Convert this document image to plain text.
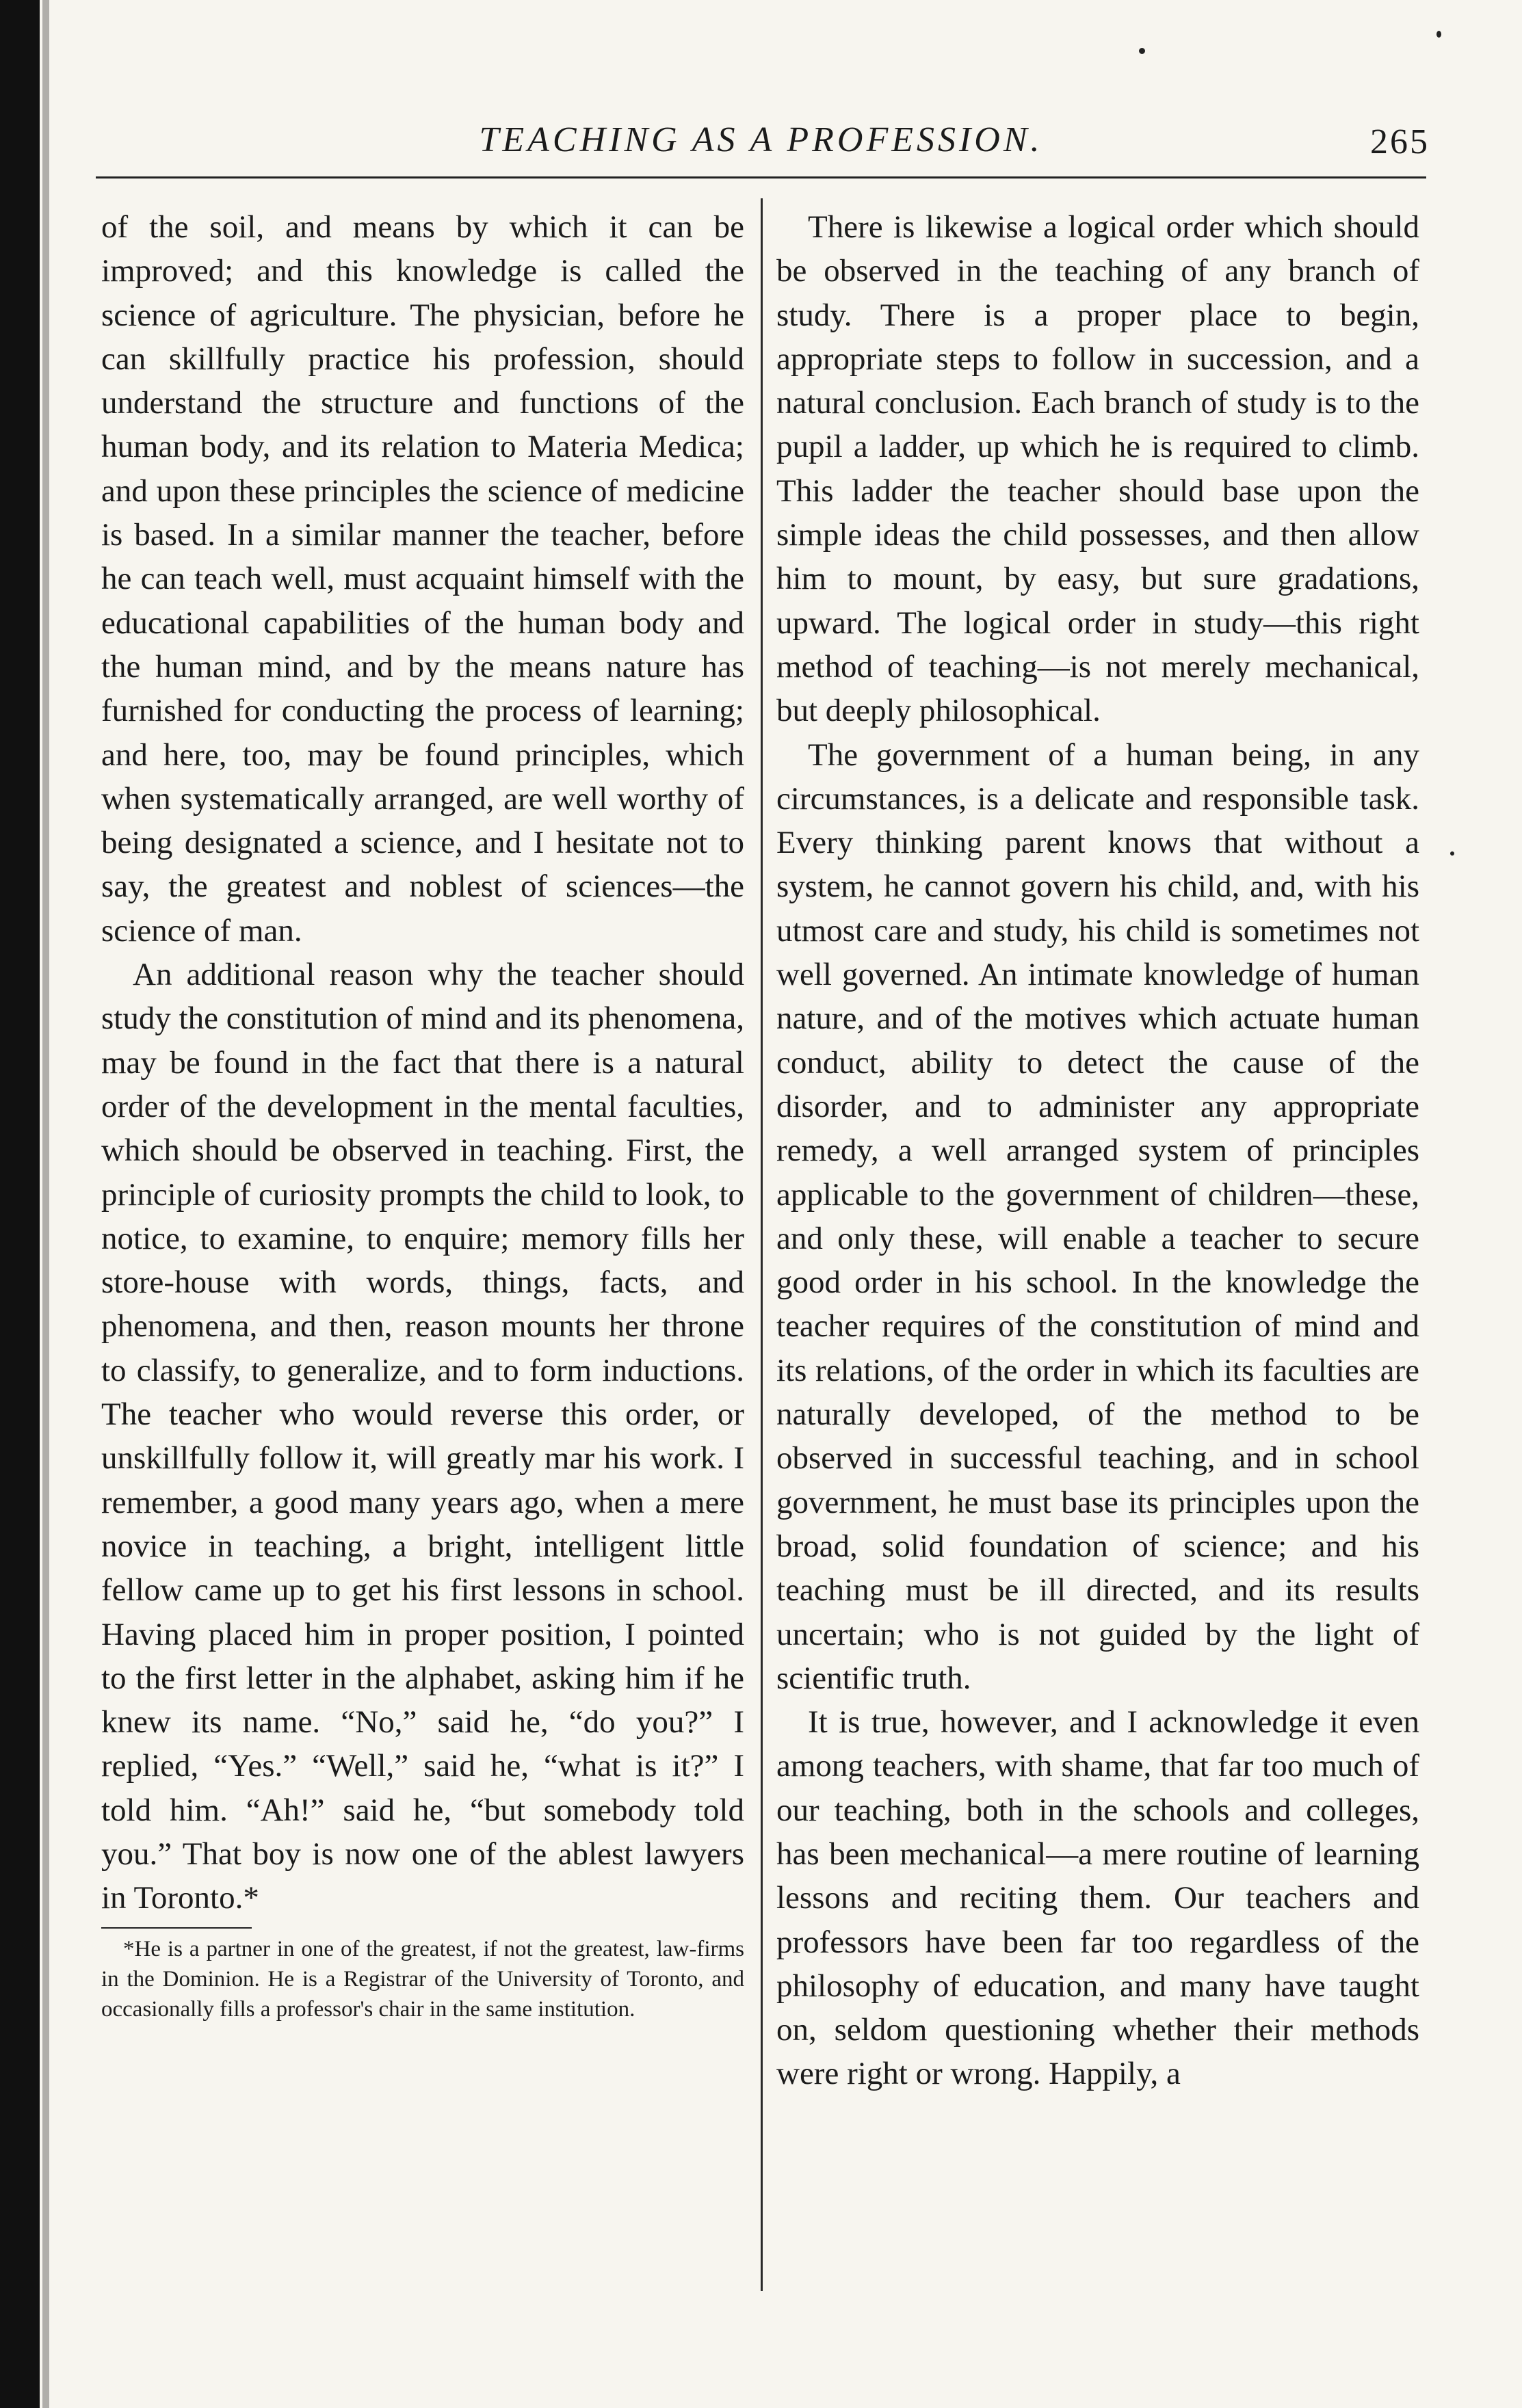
TEACHING AS A PROFESSION.	265

of the soil, and means by which it can be improved; and this knowledge is called the science of agriculture. The physician, before he can skillfully practice his profession, should understand the structure and functions of the human body, and its relation to Materia Medica; and upon these principles the science of medicine is based. In a similar manner the teacher, before he can teach well, must acquaint himself with the educational capabilities of the human body and the human mind, and by the means nature has furnished for conducting the process of learning; and here, too, may be found principles, which when systematically arranged, are well worthy of being designated a science, and I hesitate not to say, the greatest and noblest of sciences—the science of man.

An additional reason why the teacher should study the constitution of mind and its phenomena, may be found in the fact that there is a natural order of the development in the mental faculties, which should be observed in teaching. First, the principle of curiosity prompts the child to look, to notice, to examine, to enquire; memory fills her store-house with words, things, facts, and phenomena, and then, reason mounts her throne to classify, to generalize, and to form inductions. The teacher who would reverse this order, or unskillfully follow it, will greatly mar his work. I remember, a good many years ago, when a mere novice in teaching, a bright, intelligent little fellow came up to get his first lessons in school. Having placed him in proper position, I pointed to the first letter in the alphabet, asking him if he knew its name. “No,” said he, “do you?” I replied, “Yes.” “Well,” said he, “what is it?” I told him. “Ah!” said he, “but somebody told you.” That boy is now one of the ablest lawyers in Toronto.*

*He is a partner in one of the greatest, if not the greatest, law-firms in the Dominion. He is a Registrar of the University of Toronto, and occasionally fills a professor's chair in the same institution.

There is likewise a logical order which should be observed in the teaching of any branch of study. There is a proper place to begin, appropriate steps to follow in succession, and a natural conclusion. Each branch of study is to the pupil a ladder, up which he is required to climb. This ladder the teacher should base upon the simple ideas the child possesses, and then allow him to mount, by easy, but sure gradations, upward. The logical order in study—this right method of teaching—is not merely mechanical, but deeply philosophical.

The government of a human being, in any circumstances, is a delicate and responsible task. Every thinking parent knows that without a system, he cannot govern his child, and, with his utmost care and study, his child is sometimes not well governed. An intimate knowledge of human nature, and of the motives which actuate human conduct, ability to detect the cause of the disorder, and to administer any appropriate remedy, a well arranged system of principles applicable to the government of children—these, and only these, will enable a teacher to secure good order in his school. In the knowledge the teacher requires of the constitution of mind and its relations, of the order in which its faculties are naturally developed, of the method to be observed in successful teaching, and in school government, he must base its principles upon the broad, solid foundation of science; and his teaching must be ill directed, and its results uncertain; who is not guided by the light of scientific truth.

It is true, however, and I acknowledge it even among teachers, with shame, that far too much of our teaching, both in the schools and colleges, has been mechanical—a mere routine of learning lessons and reciting them. Our teachers and professors have been far too regardless of the philosophy of education, and many have taught on, seldom questioning whether their methods were right or wrong. Happily, a
